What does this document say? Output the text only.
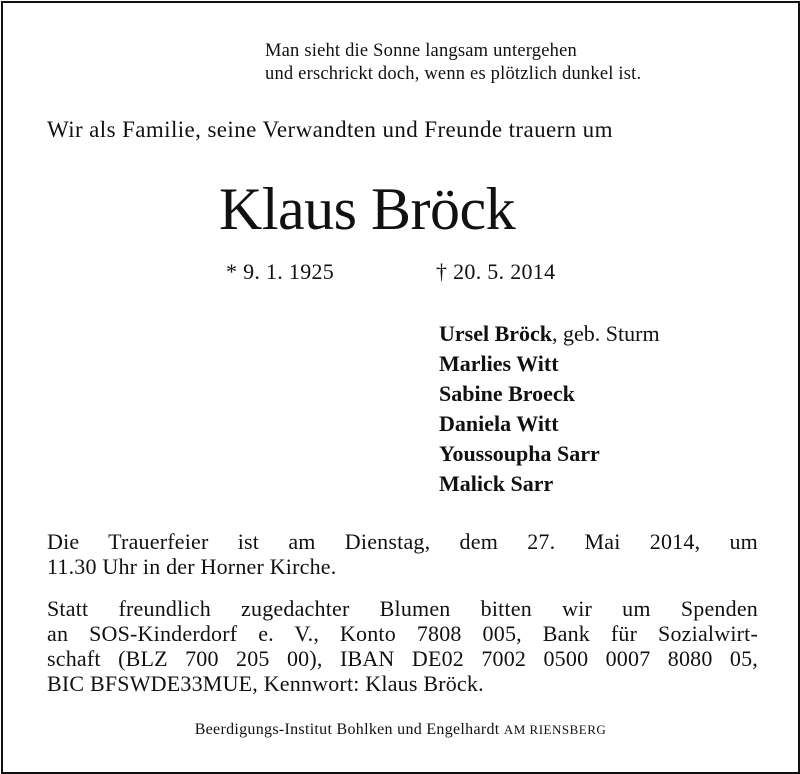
Man sieht die Sonne langsam untergehen
und erschrickt doch, wenn es plötzlich dunkel ist.
Wir als Familie, seine Verwandten und Freunde trauern um
Klaus Bröck
* 9. 1. 1925	† 20. 5. 2014
Ursel Bröck, geb. Sturm
Marlies Witt
Sabine Broeck
Daniela Witt
Youssoupha Sarr
Malick Sarr
Die Trauerfeier ist am Dienstag, dem 27. Mai 2014, um
11.30 Uhr in der Horner Kirche.
Statt freundlich zugedachter Blumen bitten wir um Spenden
an SOS-Kinderdorf e. V., Konto 7808 005, Bank für Sozialwirt-
schaft (BLZ 700 205 00), IBAN DE02 7002 0500 0007 8080 05,
BIC BFSWDE33MUE, Kennwort: Klaus Bröck.
Beerdigungs-Institut Bohlken und Engelhardt AM RIENSBERG
